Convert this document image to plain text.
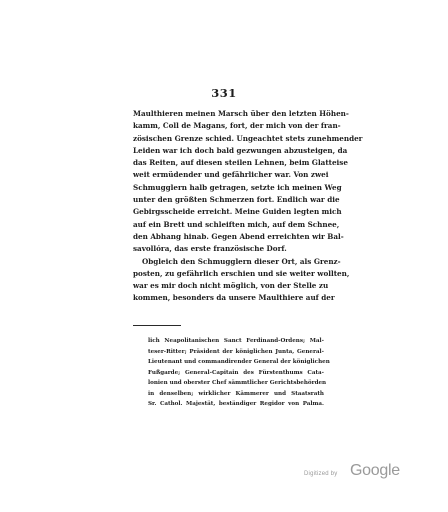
331
Maulthieren meinen Marsch über den letzten Höhen-
kamm, Coll de Magans, fort, der mich von der fran-
zösischen Grenze schied. Ungeachtet stets zunehmender
Leiden war ich doch bald gezwungen abzusteigen, da
das Reiten, auf diesen steilen Lehnen, beim Glatteise
weit ermüdender und gefährlicher war. Von zwei
Schmugglern halb getragen, setzte ich meinen Weg
unter den größten Schmerzen fort. Endlich war die
Gebirgsscheide erreicht. Meine Guiden legten mich
auf ein Brett und schleiften mich, auf dem Schnee,
den Abhang hinab. Gegen Abend erreichten wir Bal-
savollóra, das erste französische Dorf.
Obgleich den Schmugglern dieser Ort, als Grenz-
posten, zu gefährlich erschien und sie weiter wollten,
war es mir doch nicht möglich, von der Stelle zu
kommen, besonders da unsere Maulthiere auf der
lich Neapolitanischen Sanct Ferdinand-Ordens; Mal-
teser-Ritter; Präsident der königlichen Junta, General-
Lieutenant und commandirender General der königlichen
Fußgarde; General-Capitain des Fürstenthums Cata-
lonien und oberster Chef sämmtlicher Gerichtsbehörden
in denselben; wirklicher Kämmerer und Staatsrath
Sr. Cathol. Majestät, beständiger Regidor von Palma.
Digitized by Google
